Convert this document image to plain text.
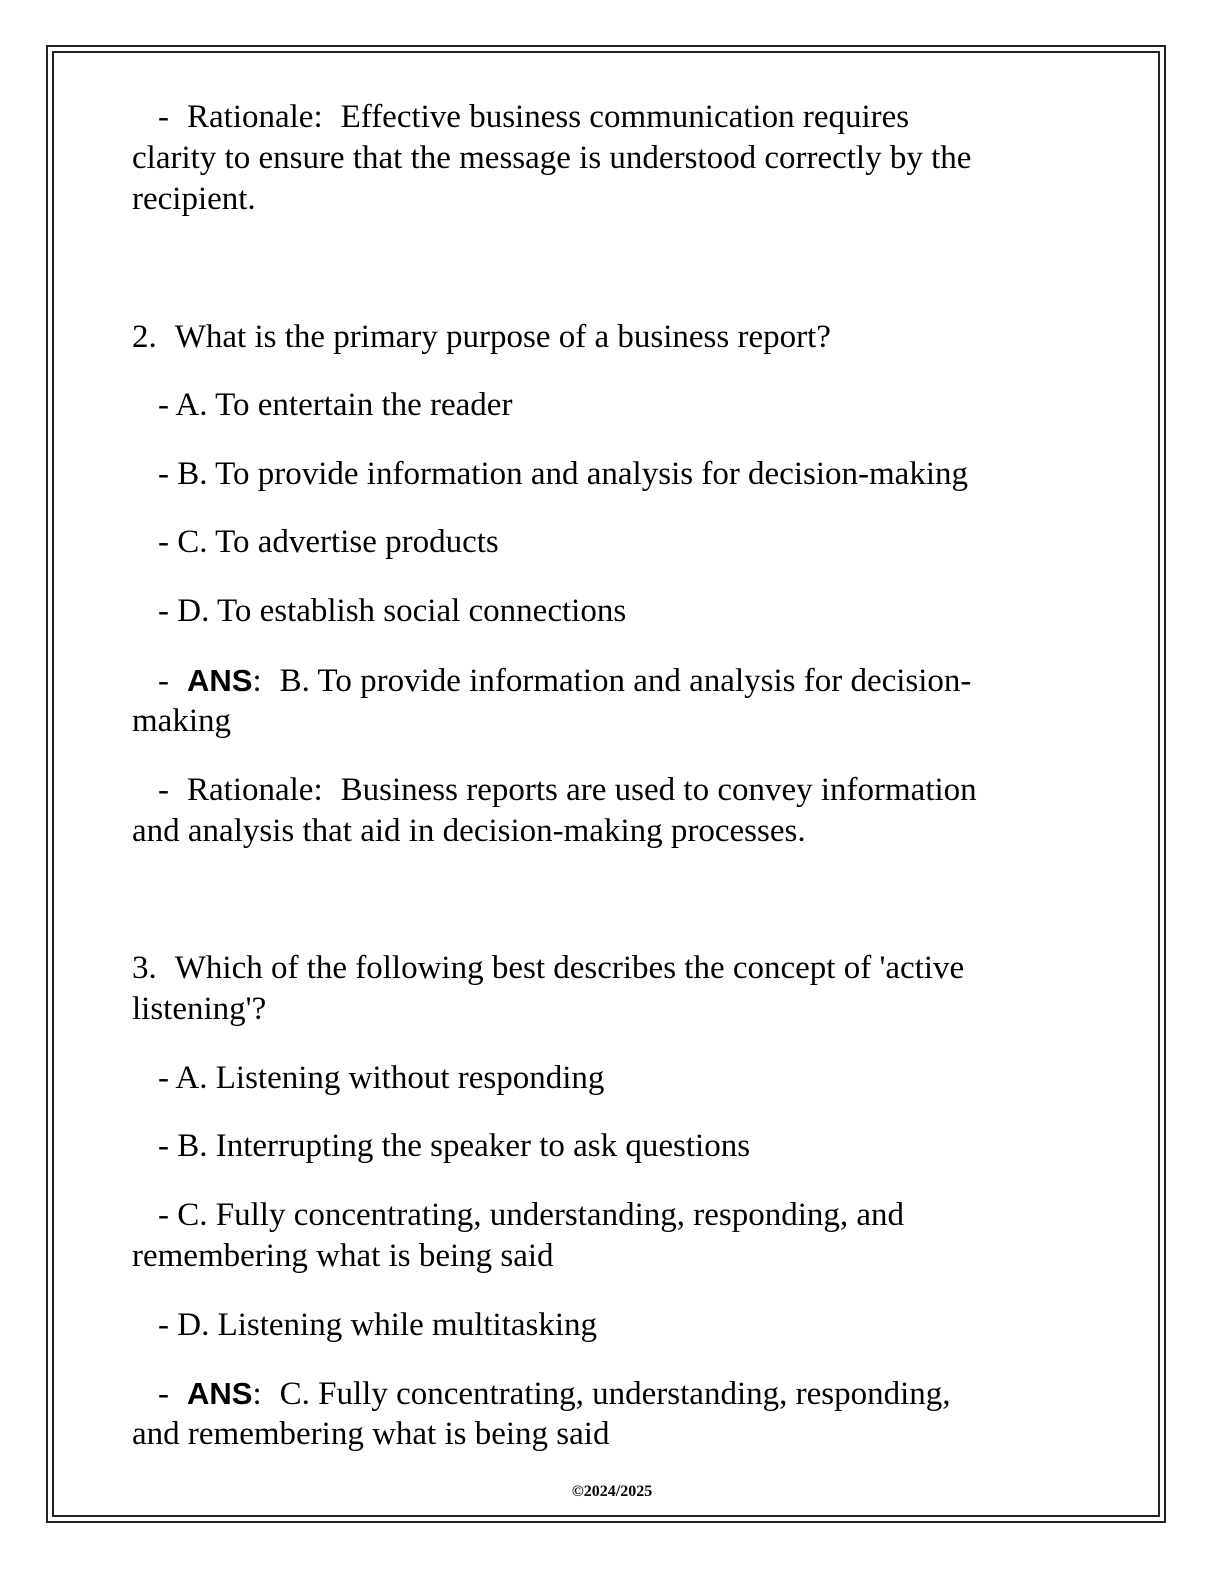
- Rationale: Effective business communication requires
clarity to ensure that the message is understood correctly by the
recipient.
2. What is the primary purpose of a business report?
- A. To entertain the reader
- B. To provide information and analysis for decision-making
- C. To advertise products
- D. To establish social connections
- ANS: B. To provide information and analysis for decision-
making
- Rationale: Business reports are used to convey information
and analysis that aid in decision-making processes.
3. Which of the following best describes the concept of 'active
listening'?
- A. Listening without responding
- B. Interrupting the speaker to ask questions
- C. Fully concentrating, understanding, responding, and
remembering what is being said
- D. Listening while multitasking
- ANS: C. Fully concentrating, understanding, responding,
and remembering what is being said
©2024/2025
